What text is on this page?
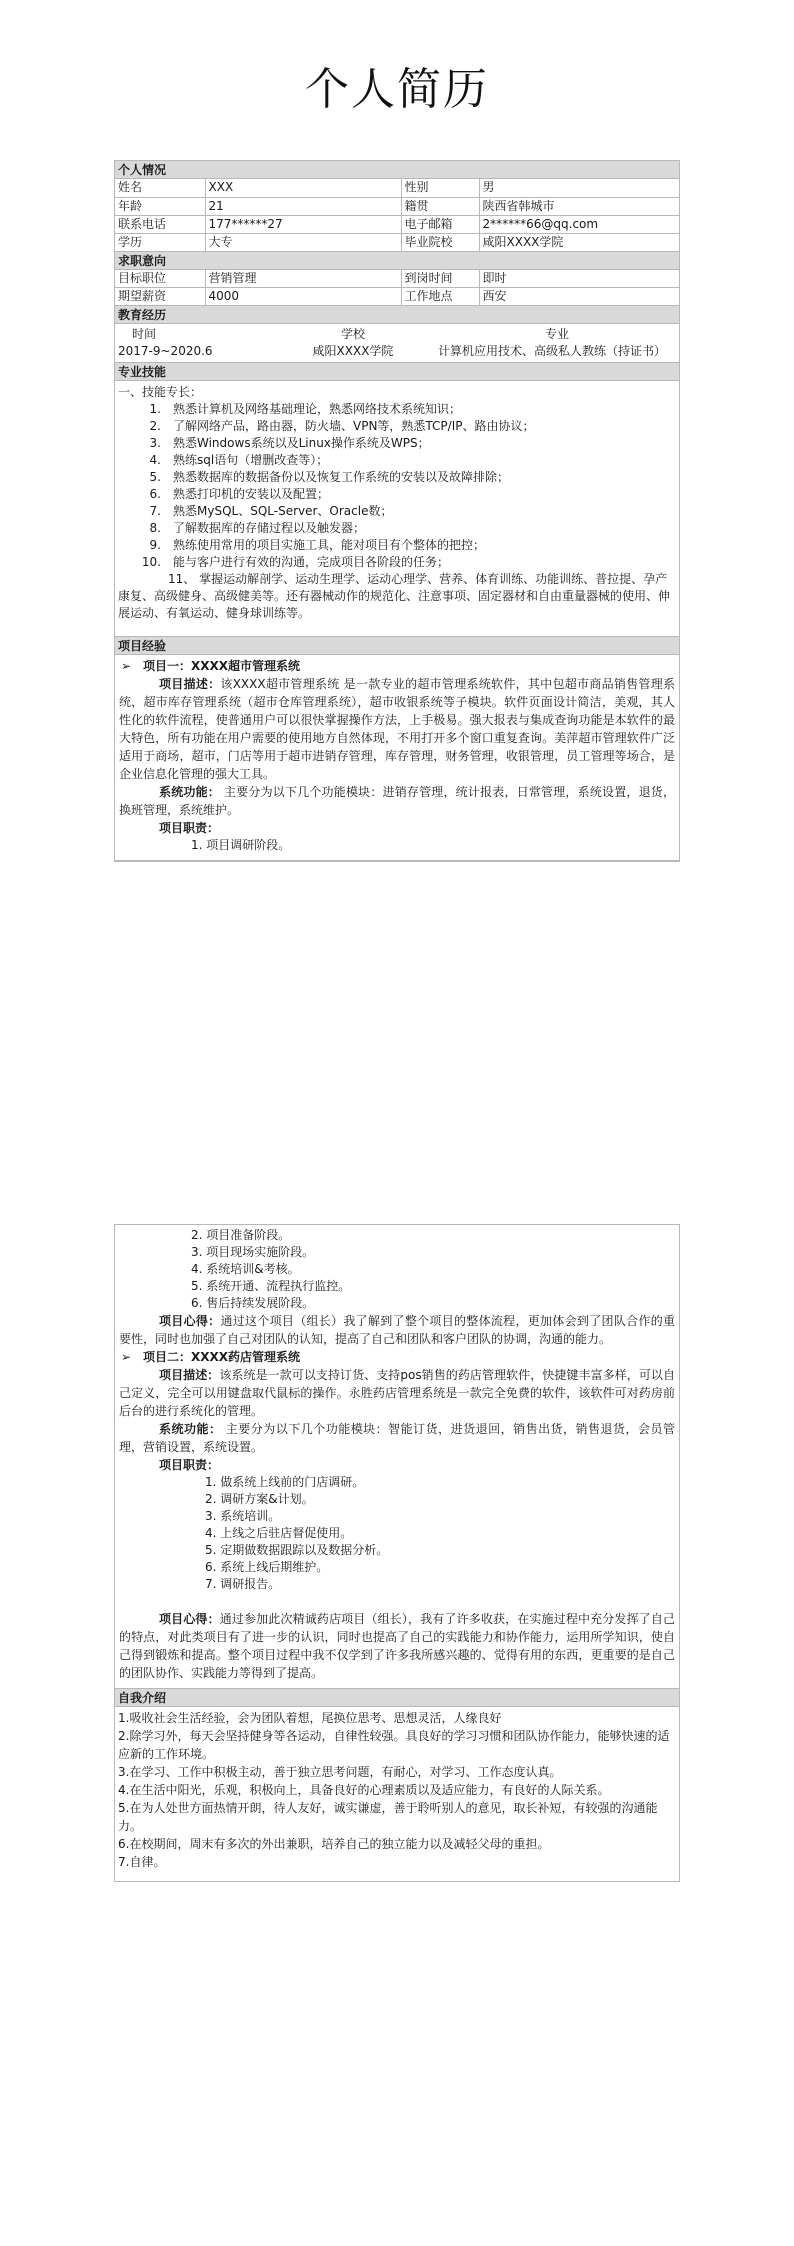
个人简历
个人情况
姓名	XXX	性别	男
年龄	21	籍贯	陕西省韩城市
联系电话	177******27	电子邮箱	2******66@qq.com
学历	大专	毕业院校	咸阳XXXX学院
求职意向
目标职位	营销管理	到岗时间	即时
期望薪资	4000	工作地点	西安
教育经历
时间	学校	专业
2017-9~2020.6	咸阳XXXX学院	计算机应用技术、高级私人教练（持证书）
专业技能
一、技能专长：
1.	熟悉计算机及网络基础理论，熟悉网络技术系统知识；
2.	了解网络产品，路由器，防火墙、VPN等，熟悉TCP/IP、路由协议；
3.	熟悉Windows系统以及Linux操作系统及WPS；
4.	熟练sql语句（增删改查等）；
5.	熟悉数据库的数据备份以及恢复工作系统的安装以及故障排除；
6.	熟悉打印机的安装以及配置；
7.	熟悉MySQL、SQL-Server、Oracle数；
8.	了解数据库的存储过程以及触发器；
9.	熟练使用常用的项目实施工具，能对项目有个整体的把控；
10.	能与客户进行有效的沟通，完成项目各阶段的任务；
11、 掌握运动解剖学、运动生理学、运动心理学、营养、体育训练、功能训练、普拉提、孕产康复、高级健身、高级健美等。还有器械动作的规范化、注意事项、固定器材和自由重量器械的使用、伸展运动、有氧运动、健身球训练等。
项目经验
➢ 项目一：XXXX超市管理系统
项目描述：该XXXX超市管理系统 是一款专业的超市管理系统软件，其中包超市商品销售管理系统，超市库存管理系统（超市仓库管理系统），超市收银系统等子模块。软件页面设计简洁，美观，其人性化的软件流程，使普通用户可以很快掌握操作方法，上手极易。强大报表与集成查询功能是本软件的最大特色，所有功能在用户需要的使用地方自然体现，不用打开多个窗口重复查询。美萍超市管理软件广泛适用于商场，超市，门店等用于超市进销存管理，库存管理，财务管理，收银管理，员工管理等场合，是企业信息化管理的强大工具。
系统功能： 主要分为以下几个功能模块：进销存管理，统计报表，日常管理，系统设置，退货，换班管理，系统维护。
项目职责：
1. 项目调研阶段。
2. 项目准备阶段。
3. 项目现场实施阶段。
4. 系统培训&考核。
5. 系统开通、流程执行监控。
6. 售后持续发展阶段。
项目心得：通过这个项目（组长）我了解到了整个项目的整体流程，更加体会到了团队合作的重要性，同时也加强了自己对团队的认知，提高了自己和团队和客户团队的协调，沟通的能力。
➢ 项目二：XXXX药店管理系统
项目描述：该系统是一款可以支持订货、支持pos销售的药店管理软件，快捷键丰富多样，可以自己定义，完全可以用键盘取代鼠标的操作。永胜药店管理系统是一款完全免费的软件，该软件可对药房前后台的进行系统化的管理。
系统功能： 主要分为以下几个功能模块：智能订货，进货退回，销售出货，销售退货，会员管理，营销设置，系统设置。
项目职责：
1. 做系统上线前的门店调研。
2. 调研方案&计划。
3. 系统培训。
4. 上线之后驻店督促使用。
5. 定期做数据跟踪以及数据分析。
6. 系统上线后期维护。
7. 调研报告。
项目心得：通过参加此次精诚药店项目（组长），我有了许多收获，在实施过程中充分发挥了自己的特点，对此类项目有了进一步的认识，同时也提高了自己的实践能力和协作能力，运用所学知识，使自己得到锻炼和提高。整个项目过程中我不仅学到了许多我所感兴趣的、觉得有用的东西，更重要的是自己的团队协作、实践能力等得到了提高。
自我介绍

1.吸收社会生活经验，会为团队着想，尾换位思考、思想灵活，人缘良好

2.除学习外，每天会坚持健身等各运动，自律性较强。具良好的学习习惯和团队协作能力，能够快速的适应新的工作环境。

3.在学习、工作中积极主动，善于独立思考问题，有耐心，对学习、工作态度认真。

4.在生活中阳光，乐观，积极向上，具备良好的心理素质以及适应能力，有良好的人际关系。

5.在为人处世方面热情开朗，待人友好，诚实谦虚，善于聆听别人的意见，取长补短，有较强的沟通能力。

6.在校期间，周末有多次的外出兼职，培养自己的独立能力以及减轻父母的重担。

7.自律。
